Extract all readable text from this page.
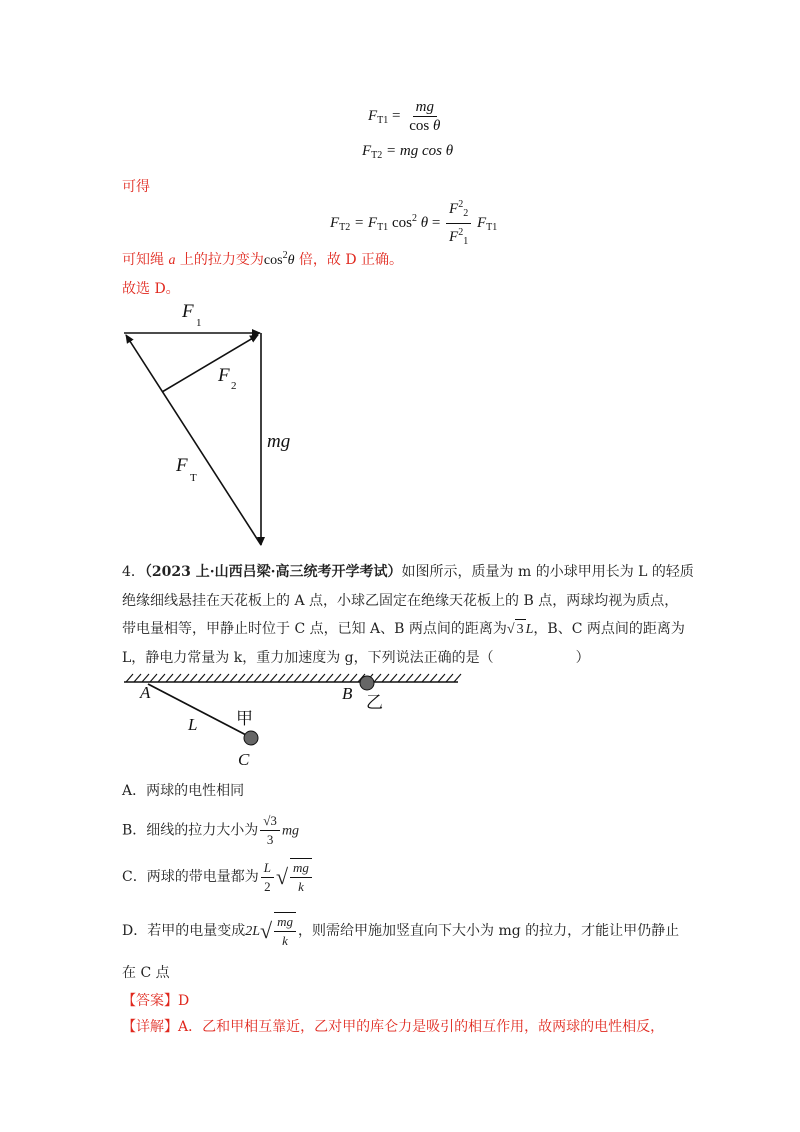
$F_{T1} = \frac{mg}{\text{cos θ}}$
$F_{T2}$ = mg cos θ
可得
$F_{T2} = F_{T1}$ $\cos^2 \theta = \frac{F^2_2}{F^2_1} F_{T1}$
可知绳 a 上的拉力变为$\cos^2\theta$ 倍，故 D 正确。
故选 D。
F
1
F 2
mg
F
T
4．（2023 上·山西吕梁·高三统考开学考试）如图所示，质量为 m 的小球甲用长为 L 的轻质
绝缘细线悬挂在天花板上的 A 点，小球乙固定在绝缘天花板上的 B 点，两球均视为质点，
带电量相等，甲静止时位于 C 点，已知 A、B 两点间的距离为√ 3 L，B、C 两点间的距离为
L，静电力常量为 k，重力加速度为 g，下列说法正确的是（	）
A	B 乙
L 甲
C
A．两球的电性相同
B．细线的拉力大小为 $\frac{√3}{3}$ mg
C．两球的带电量都为 $\frac{L}{2}$ √ $\frac{mg}{k}$
D．若甲的电量变成$2L√ \frac{mg}{k}$ ，则需给甲施加竖直向下大小为 mg 的拉力，才能让甲仍静止
在 C 点
【答案】D
【详解】A．乙和甲相互靠近，乙对甲的库仑力是吸引的相互作用，故两球的电性相反，
